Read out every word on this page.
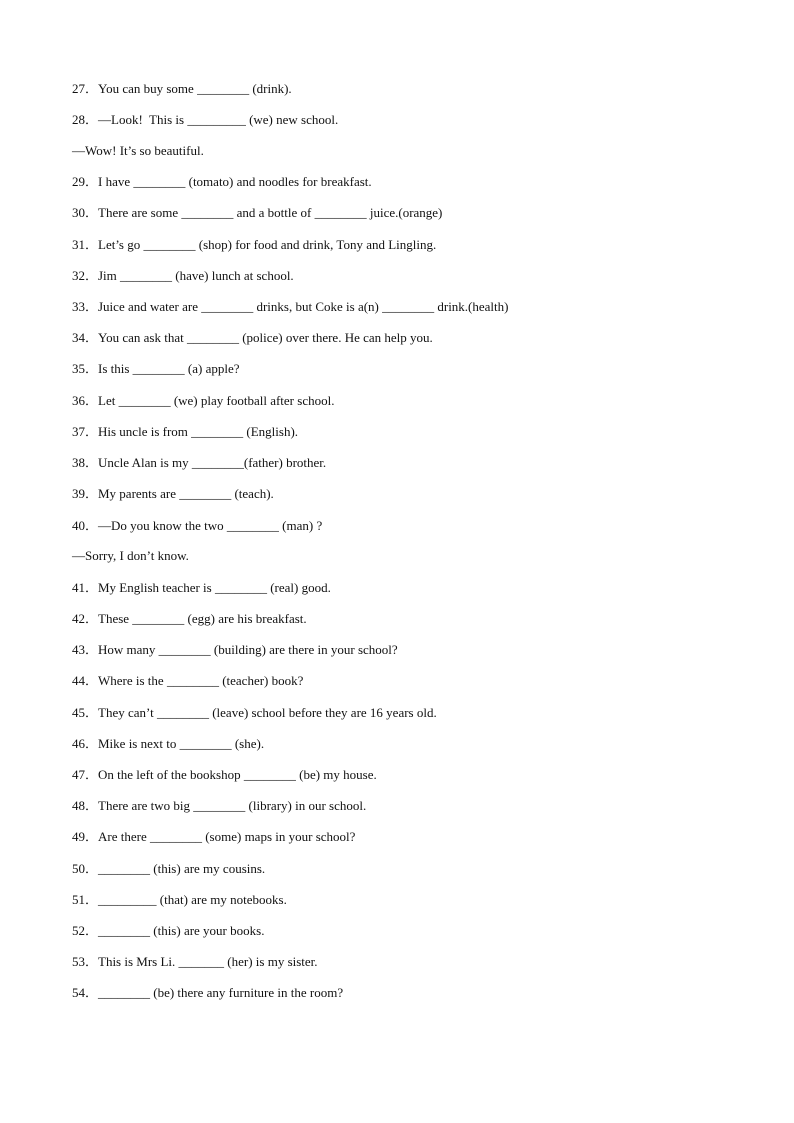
27．You can buy some ________ (drink).
28．—Look!  This is _________ (we) new school.
—Wow! It’s so beautiful.
29．I have ________ (tomato) and noodles for breakfast.
30．There are some ________ and a bottle of ________ juice.(orange)
31．Let’s go ________ (shop) for food and drink, Tony and Lingling.
32．Jim ________ (have) lunch at school.
33．Juice and water are ________ drinks, but Coke is a(n) ________ drink.(health)
34．You can ask that ________ (police) over there. He can help you.
35．Is this ________ (a) apple?
36．Let ________ (we) play football after school.
37．His uncle is from ________ (English).
38．Uncle Alan is my ________(father) brother.
39．My parents are ________ (teach).
40．—Do you know the two ________ (man) ?
—Sorry, I don’t know.
41．My English teacher is ________ (real) good.
42．These ________ (egg) are his breakfast.
43．How many ________ (building) are there in your school?
44．Where is the ________ (teacher) book?
45．They can’t ________ (leave) school before they are 16 years old.
46．Mike is next to ________ (she).
47．On the left of the bookshop ________ (be) my house.
48．There are two big ________ (library) in our school.
49．Are there ________ (some) maps in your school?
50．________ (this) are my cousins.
51．_________ (that) are my notebooks.
52．________ (this) are your books.
53．This is Mrs Li. _______ (her) is my sister.
54．________ (be) there any furniture in the room?
